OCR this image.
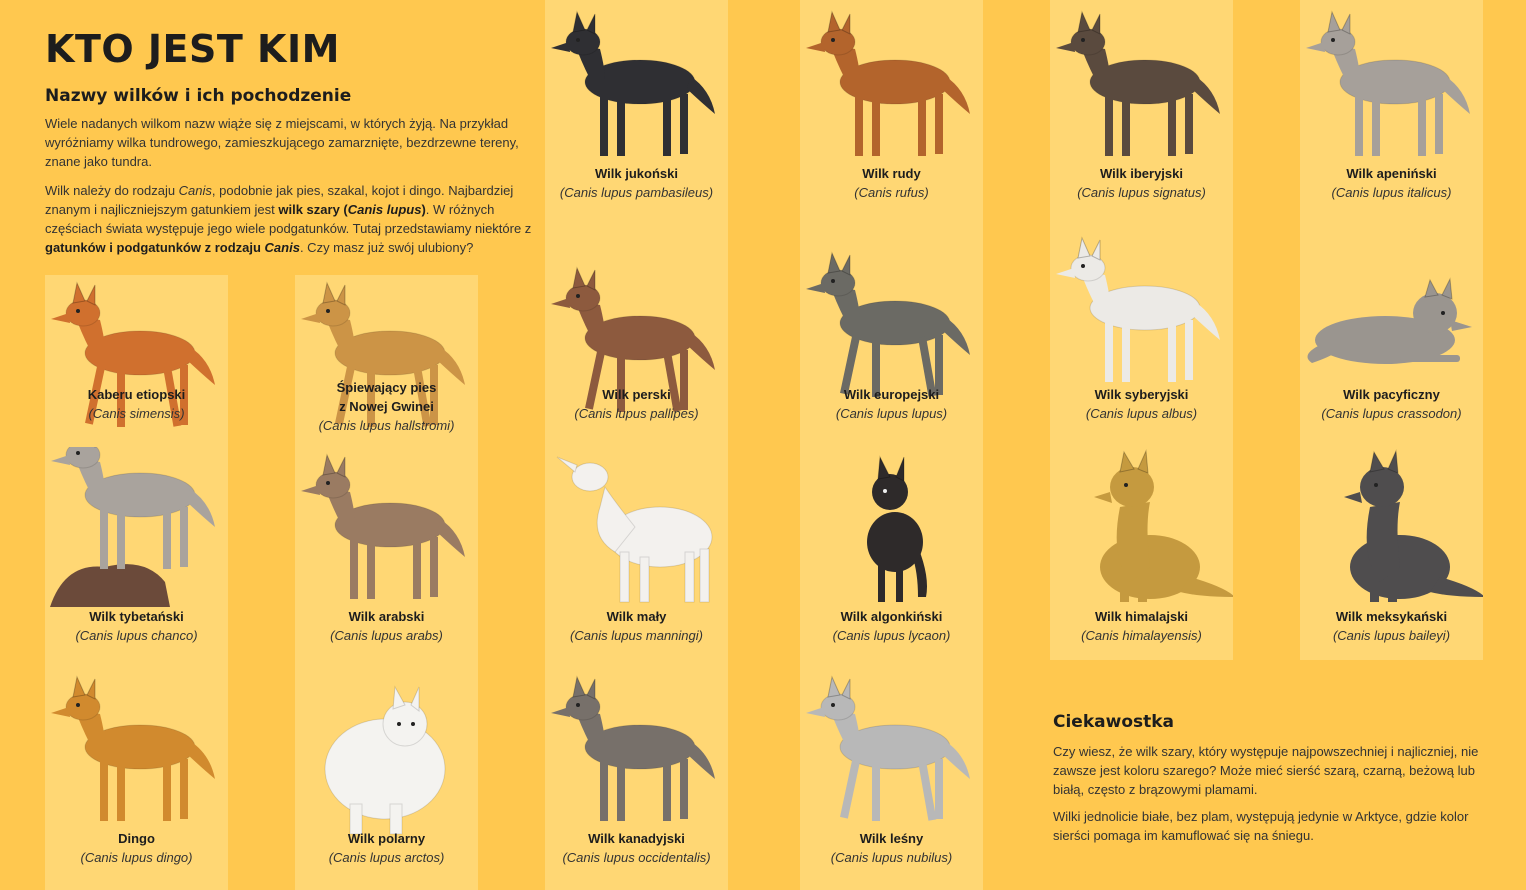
KTO JEST KIM
Nazwy wilków i ich pochodzenie

Wiele nadanych wilkom nazw wiąże się z miejscami, w których żyją. Na przykład wyróżniamy wilka tundrowego, zamieszkującego zamarznięte, bezdrzewne tereny, znane jako tundra.

Wilk należy do rodzaju Canis, podobnie jak pies, szakal, kojot i dingo. Najbardziej znanym i najliczniejszym gatunkiem jest wilk szary (Canis lupus). W różnych częściach świata występuje jego wiele podgatunków. Tutaj przedstawiamy niektóre z gatunków i podgatunków z rodzaju Canis. Czy masz już swój ulubiony?

Wilk jukoński
(Canis lupus pambasileus)
Wilk rudy
(Canis rufus)
Wilk iberyjski
(Canis lupus signatus)
Wilk apeniński
(Canis lupus italicus)
Kaberu etiopski
(Canis simensis)
Śpiewający pies
z Nowej Gwinei
(Canis lupus hallstromi)
Wilk perski
(Canis lupus pallipes)
Wilk europejski
(Canis lupus lupus)
Wilk syberyjski
(Canis lupus albus)
Wilk pacyficzny
(Canis lupus crassodon)
Wilk tybetański
(Canis lupus chanco)
Wilk arabski
(Canis lupus arabs)
Wilk mały
(Canis lupus manningi)
Wilk algonkiński
(Canis lupus lycaon)
Wilk himalajski
(Canis himalayensis)
Wilk meksykański
(Canis lupus baileyi)
Dingo
(Canis lupus dingo)
Wilk polarny
(Canis lupus arctos)
Wilk kanadyjski
(Canis lupus occidentalis)
Wilk leśny
(Canis lupus nubilus)
Ciekawostka

Czy wiesz, że wilk szary, który występuje najpowszechniej i najliczniej, nie zawsze jest koloru szarego? Może mieć sierść szarą, czarną, beżową lub białą, często z brązowymi plamami.

Wilki jednolicie białe, bez plam, występują jedynie w Arktyce, gdzie kolor sierści pomaga im kamuflować się na śniegu.
